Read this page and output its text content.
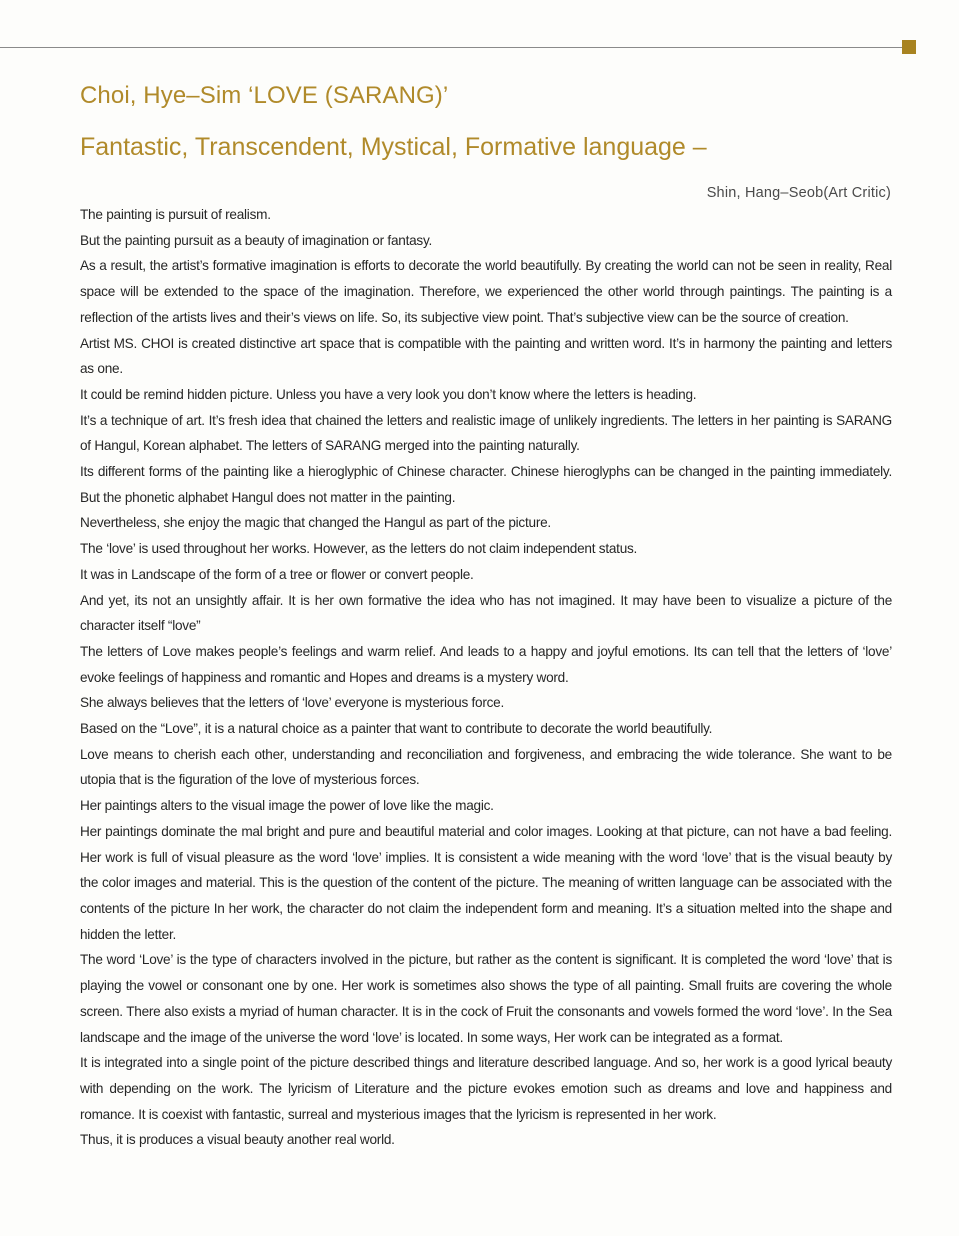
Choi, Hye–Sim ‘LOVE (SARANG)’
Fantastic, Transcendent, Mystical, Formative language –
Shin, Hang–Seob(Art Critic)

The painting is pursuit of realism.

But the painting pursuit as a beauty of imagination or fantasy.

As a result, the artist’s formative imagination is efforts to decorate the world beautifully. By creating the world can not be seen in reality, Real space will be extended to the space of the imagination. Therefore, we experienced the other world through paintings. The painting is a reflection of the artists lives and their’s views on life. So, its subjective view point. That’s subjective view can be the source of creation.

Artist MS. CHOI is created distinctive art space that is compatible with the painting and written word. It’s in harmony the painting and letters as one.

It could be remind hidden picture. Unless you have a very look you don’t know where the letters is heading.

It’s a technique of art. It’s fresh idea that chained the letters and realistic image of unlikely ingredients. The letters in her painting is SARANG of Hangul, Korean alphabet. The letters of SARANG merged into the painting naturally.

Its different forms of the painting like a hieroglyphic of Chinese character. Chinese hieroglyphs can be changed in the painting immediately. But the phonetic alphabet Hangul does not matter in the painting.

Nevertheless, she enjoy the magic that changed the Hangul as part of the picture.

The ‘love’ is used throughout her works. However, as the letters do not claim independent status.

It was in Landscape of the form of a tree or flower or convert people.

And yet, its not an unsightly affair. It is her own formative the idea who has not imagined. It may have been to visualize a picture of the character itself “love”

The letters of Love makes people’s feelings and warm relief. And leads to a happy and joyful emotions. Its can tell that the letters of ‘love’ evoke feelings of happiness and romantic and Hopes and dreams is a mystery word.

She always believes that the letters of ‘love’ everyone is mysterious force.

Based on the “Love”, it is a natural choice as a painter that want to contribute to decorate the world beautifully.

Love means to cherish each other, understanding and reconciliation and forgiveness, and embracing the wide tolerance. She want to be utopia that is the figuration of the love of mysterious forces.

Her paintings alters to the visual image the power of love like the magic.

Her paintings dominate the mal bright and pure and beautiful material and color images. Looking at that picture, can not have a bad feeling. Her work is full of visual pleasure as the word ‘love’ implies. It is consistent a wide meaning with the word ‘love’ that is the visual beauty by the color images and material. This is the question of the content of the picture. The meaning of written language can be associated with the contents of the picture In her work, the character do not claim the independent form and meaning. It’s a situation melted into the shape and hidden the letter.

The word ‘Love’ is the type of characters involved in the picture, but rather as the content is significant. It is completed the word ‘love’ that is playing the vowel or consonant one by one. Her work is sometimes also shows the type of all painting. Small fruits are covering the whole screen. There also exists a myriad of human character. It is in the cock of Fruit the consonants and vowels formed the word ‘love’. In the Sea landscape and the image of the universe the word ‘love’ is located. In some ways, Her work can be integrated as a format.

It is integrated into a single point of the picture described things and literature described language. And so, her work is a good lyrical beauty with depending on the work. The lyricism of Literature and the picture evokes emotion such as dreams and love and happiness and romance. It is coexist with fantastic, surreal and mysterious images that the lyricism is represented in her work.

Thus, it is produces a visual beauty another real world.
